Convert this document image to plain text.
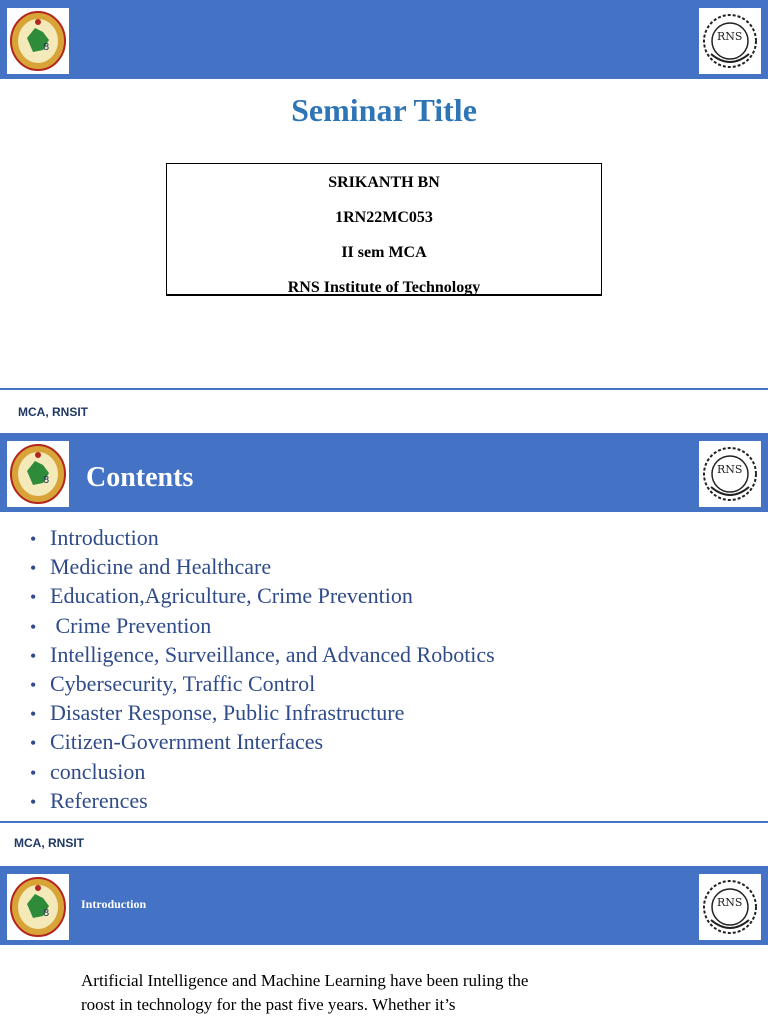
8
RNS
Seminar Title
SRIKANTH BN
1RN22MC053
II sem MCA
RNS Institute of Technology
MCA, RNSIT
8 Contents	RNS
• Introduction
• Medicine and Healthcare
• Education,Agriculture, Crime Prevention
• Crime Prevention
• Intelligence, Surveillance, and Advanced Robotics
• Cybersecurity, Traffic Control
• Disaster Response, Public Infrastructure
• Citizen-Government Interfaces
• conclusion
• References
MCA, RNSIT
8
Introduction	RNS
Artificial Intelligence and Machine Learning have been ruling the
roost in technology for the past five years. Whether it’s
